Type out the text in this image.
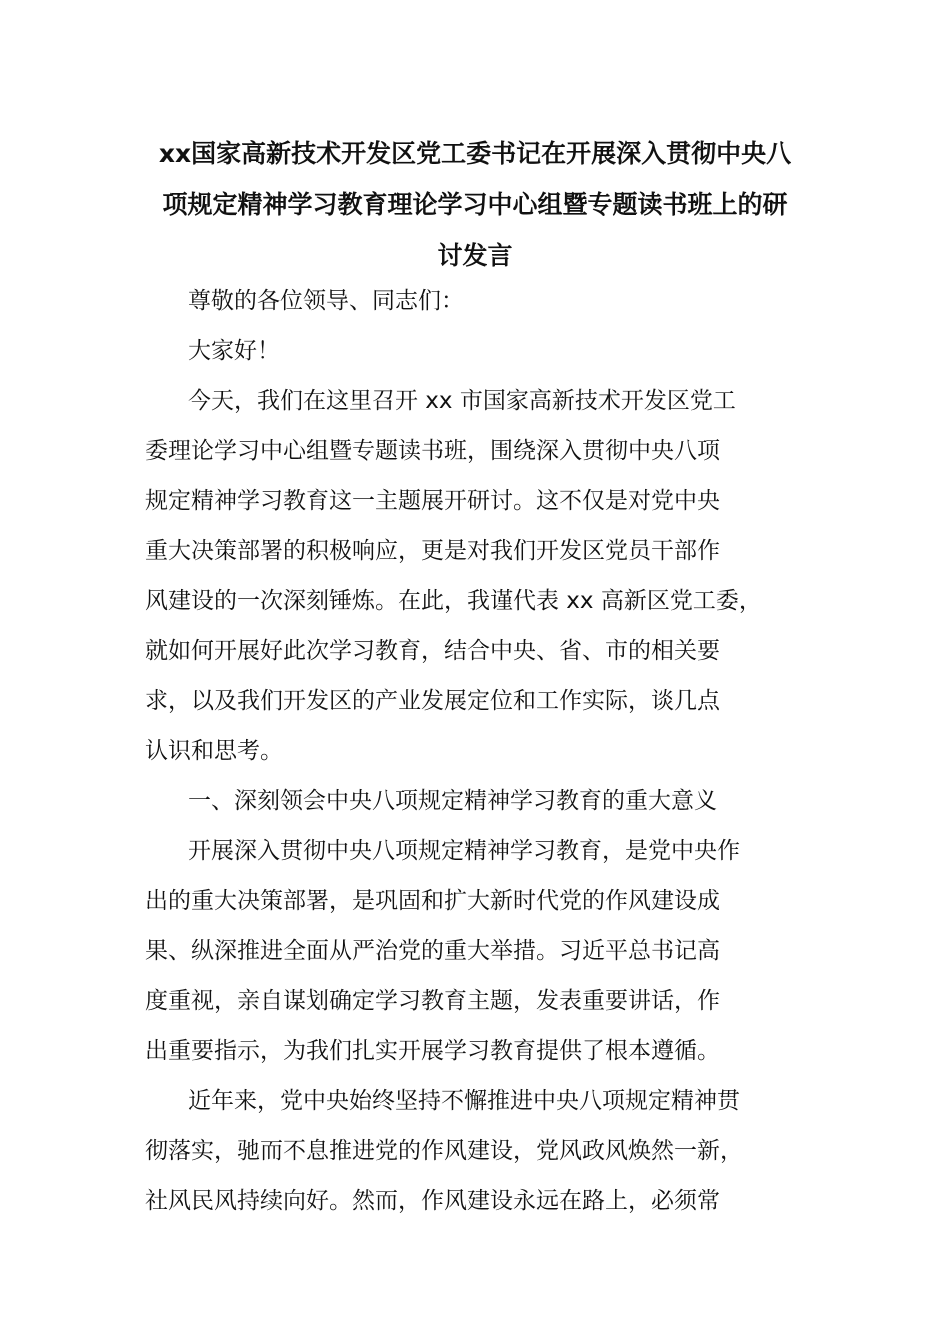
xx国家高新技术开发区党工委书记在开展深入贯彻中央八
项规定精神学习教育理论学习中心组暨专题读书班上的研
讨发言
尊敬的各位领导、同志们：
大家好！
今天，我们在这里召开 xx 市国家高新技术开发区党工
委理论学习中心组暨专题读书班，围绕深入贯彻中央八项
规定精神学习教育这一主题展开研讨。这不仅是对党中央
重大决策部署的积极响应，更是对我们开发区党员干部作
风建设的一次深刻锤炼。在此，我谨代表 xx 高新区党工委，
就如何开展好此次学习教育，结合中央、省、市的相关要
求，以及我们开发区的产业发展定位和工作实际，谈几点
认识和思考。
一、深刻领会中央八项规定精神学习教育的重大意义
开展深入贯彻中央八项规定精神学习教育，是党中央作
出的重大决策部署，是巩固和扩大新时代党的作风建设成
果、纵深推进全面从严治党的重大举措。习近平总书记高
度重视，亲自谋划确定学习教育主题，发表重要讲话，作
出重要指示，为我们扎实开展学习教育提供了根本遵循。
近年来，党中央始终坚持不懈推进中央八项规定精神贯
彻落实，驰而不息推进党的作风建设，党风政风焕然一新，
社风民风持续向好。然而，作风建设永远在路上，必须常
